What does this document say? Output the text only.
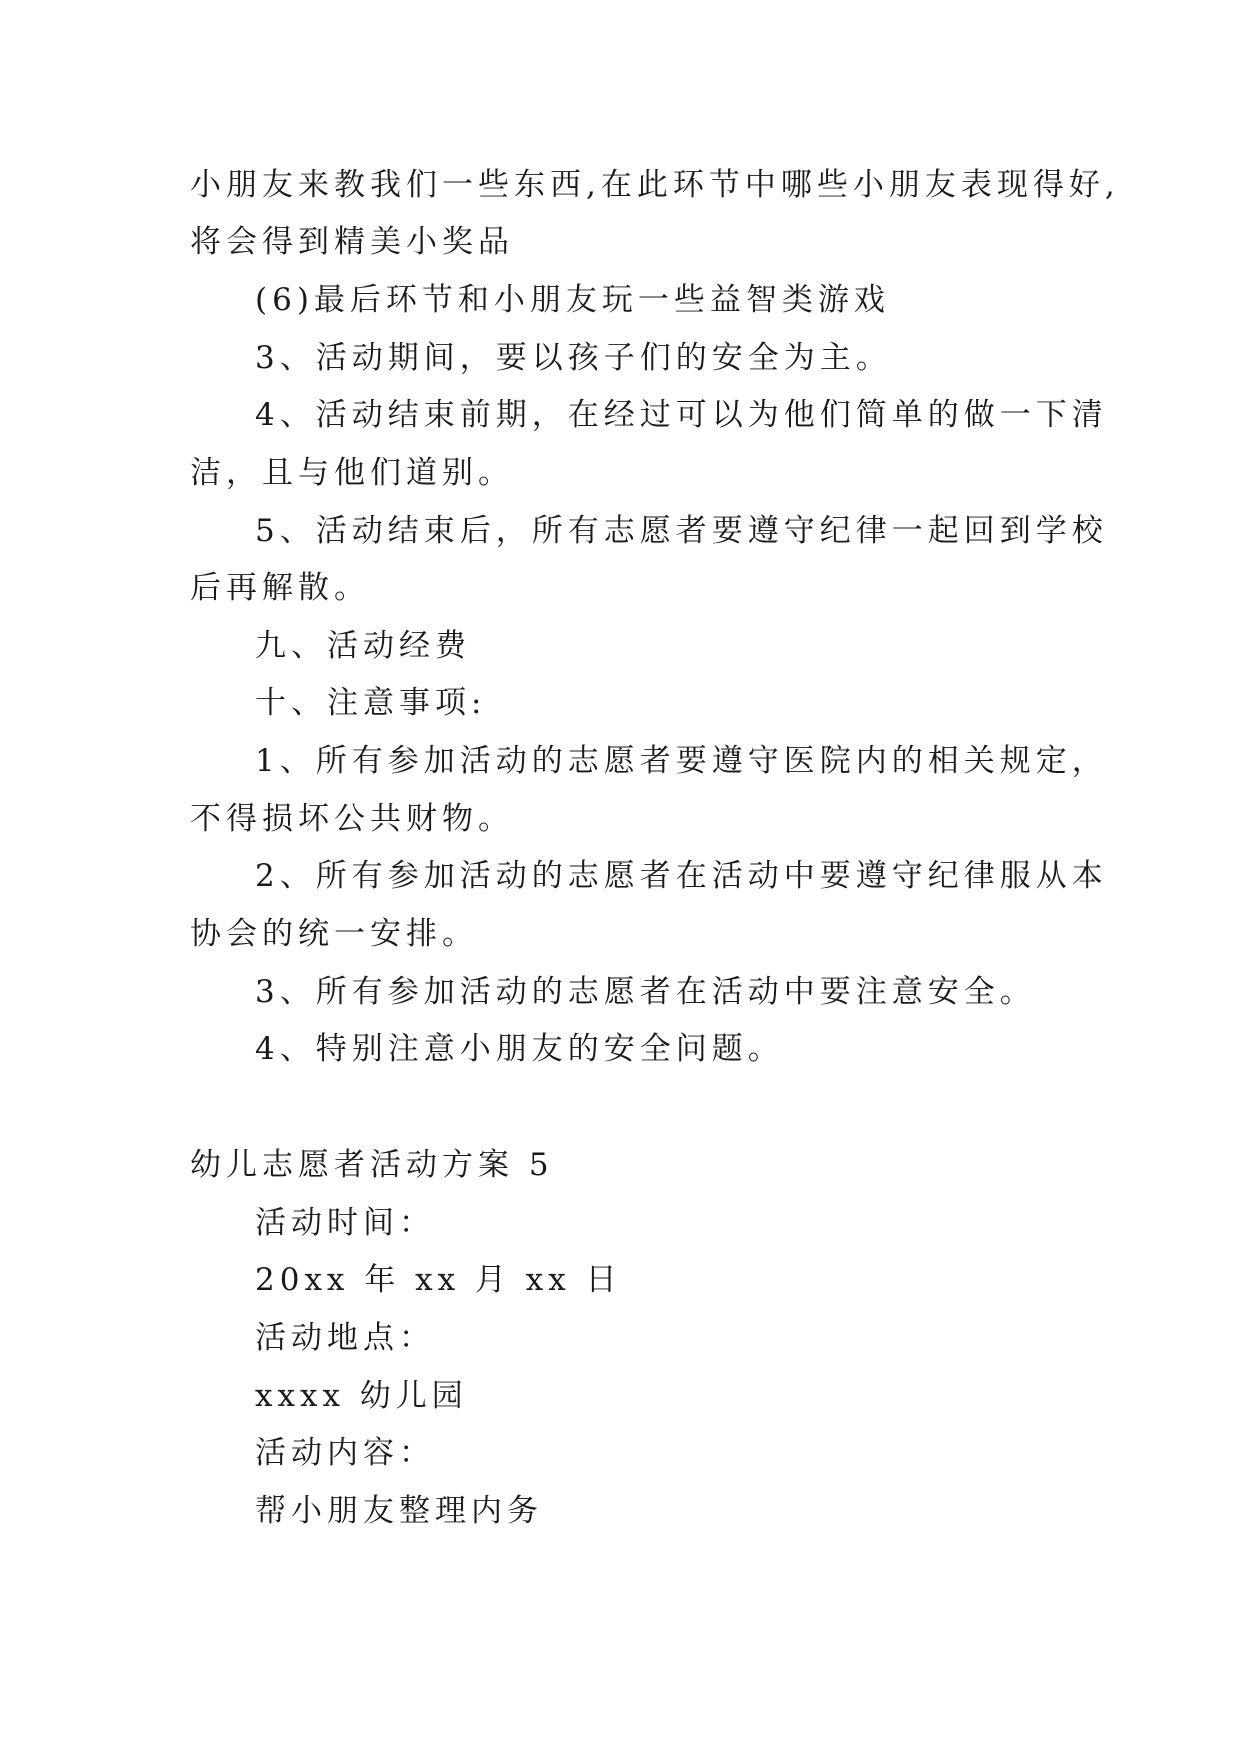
小朋友来教我们一些东西,在此环节中哪些小朋友表现得好,
将会得到精美小奖品
(6)最后环节和小朋友玩一些益智类游戏
3、活动期间，要以孩子们的安全为主。
4、活动结束前期，在经过可以为他们简单的做一下清
洁，且与他们道别。
5、活动结束后，所有志愿者要遵守纪律一起回到学校
后再解散。
九、活动经费
十、注意事项:
1、所有参加活动的志愿者要遵守医院内的相关规定，
不得损坏公共财物。
2、所有参加活动的志愿者在活动中要遵守纪律服从本
协会的统一安排。
3、所有参加活动的志愿者在活动中要注意安全。
4、特别注意小朋友的安全问题。
幼儿志愿者活动方案 5
活动时间：
20xx 年 xx 月 xx 日
活动地点：
xxxx 幼儿园
活动内容：
帮小朋友整理内务
